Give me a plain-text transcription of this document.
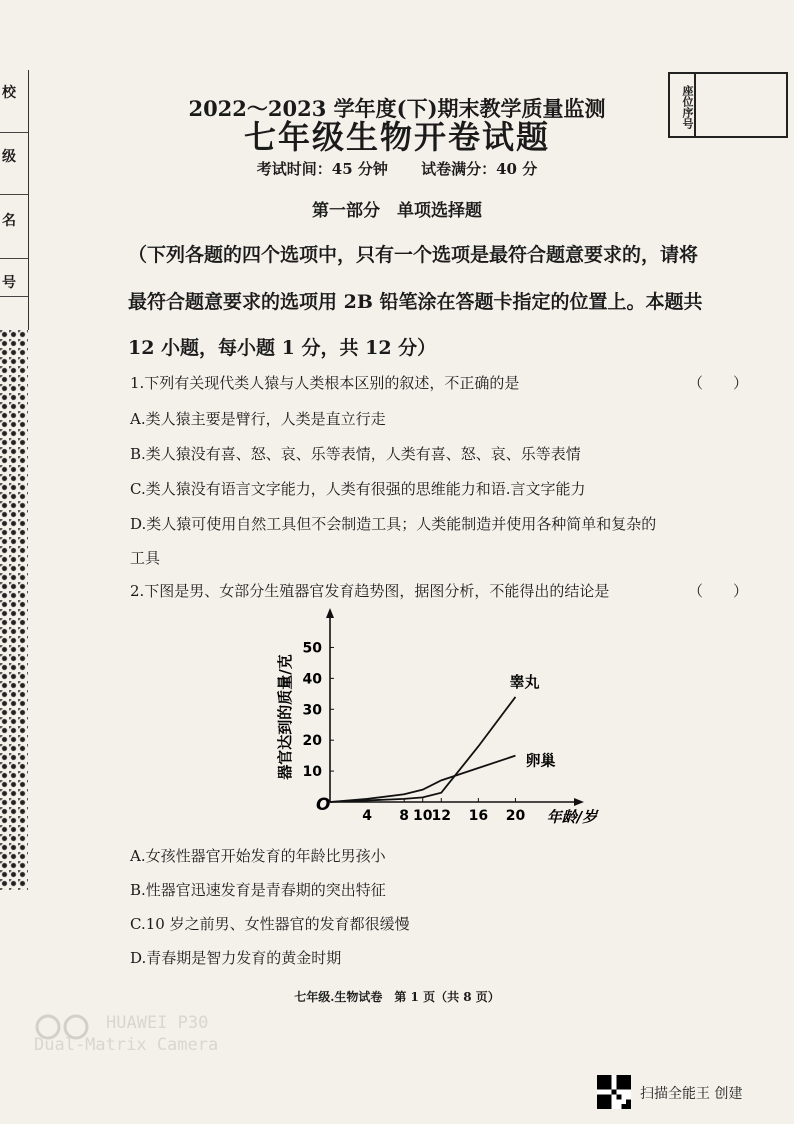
校
级
名
号
座位序号
2022～2023 学年度(下)期末教学质量监测
七年级生物开卷试题
考试时间：45 分钟 试卷满分：40 分
第一部分　单项选择题
（下列各题的四个选项中，只有一个选项是最符合题意要求的，请将
最符合题意要求的选项用 2B 铅笔涂在答题卡指定的位置上。本题共
12 小题，每小题 1 分，共 12 分）
1.下列有关现代类人猿与人类根本区别的叙述，不正确的是	（　　）
A.类人猿主要是臂行，人类是直立行走
B.类人猿没有喜、怒、哀、乐等表情，人类有喜、怒、哀、乐等表情
C.类人猿没有语言文字能力，人类有很强的思维能力和语.言文字能力
D.类人猿可使用自然工具但不会制造工具；人类能制造并使用各种简单和复杂的
工具
2.下图是男、女部分生殖器官发育趋势图，据图分析，不能得出的结论是	（　　）
O
4 8 10 12 16 20
10
20
30
40
50
年龄/岁
器官达到的质量/克	睾丸
卵巢
A.女孩性器官开始发育的年龄比男孩小
B.性器官迅速发育是青春期的突出特征
C.10 岁之前男、女性器官的发育都很缓慢
D.青春期是智力发育的黄金时期
七年级.生物试卷　第 1 页（共 8 页）
HUAWEI P30
Dual-Matrix Camera
扫描全能王 创建
